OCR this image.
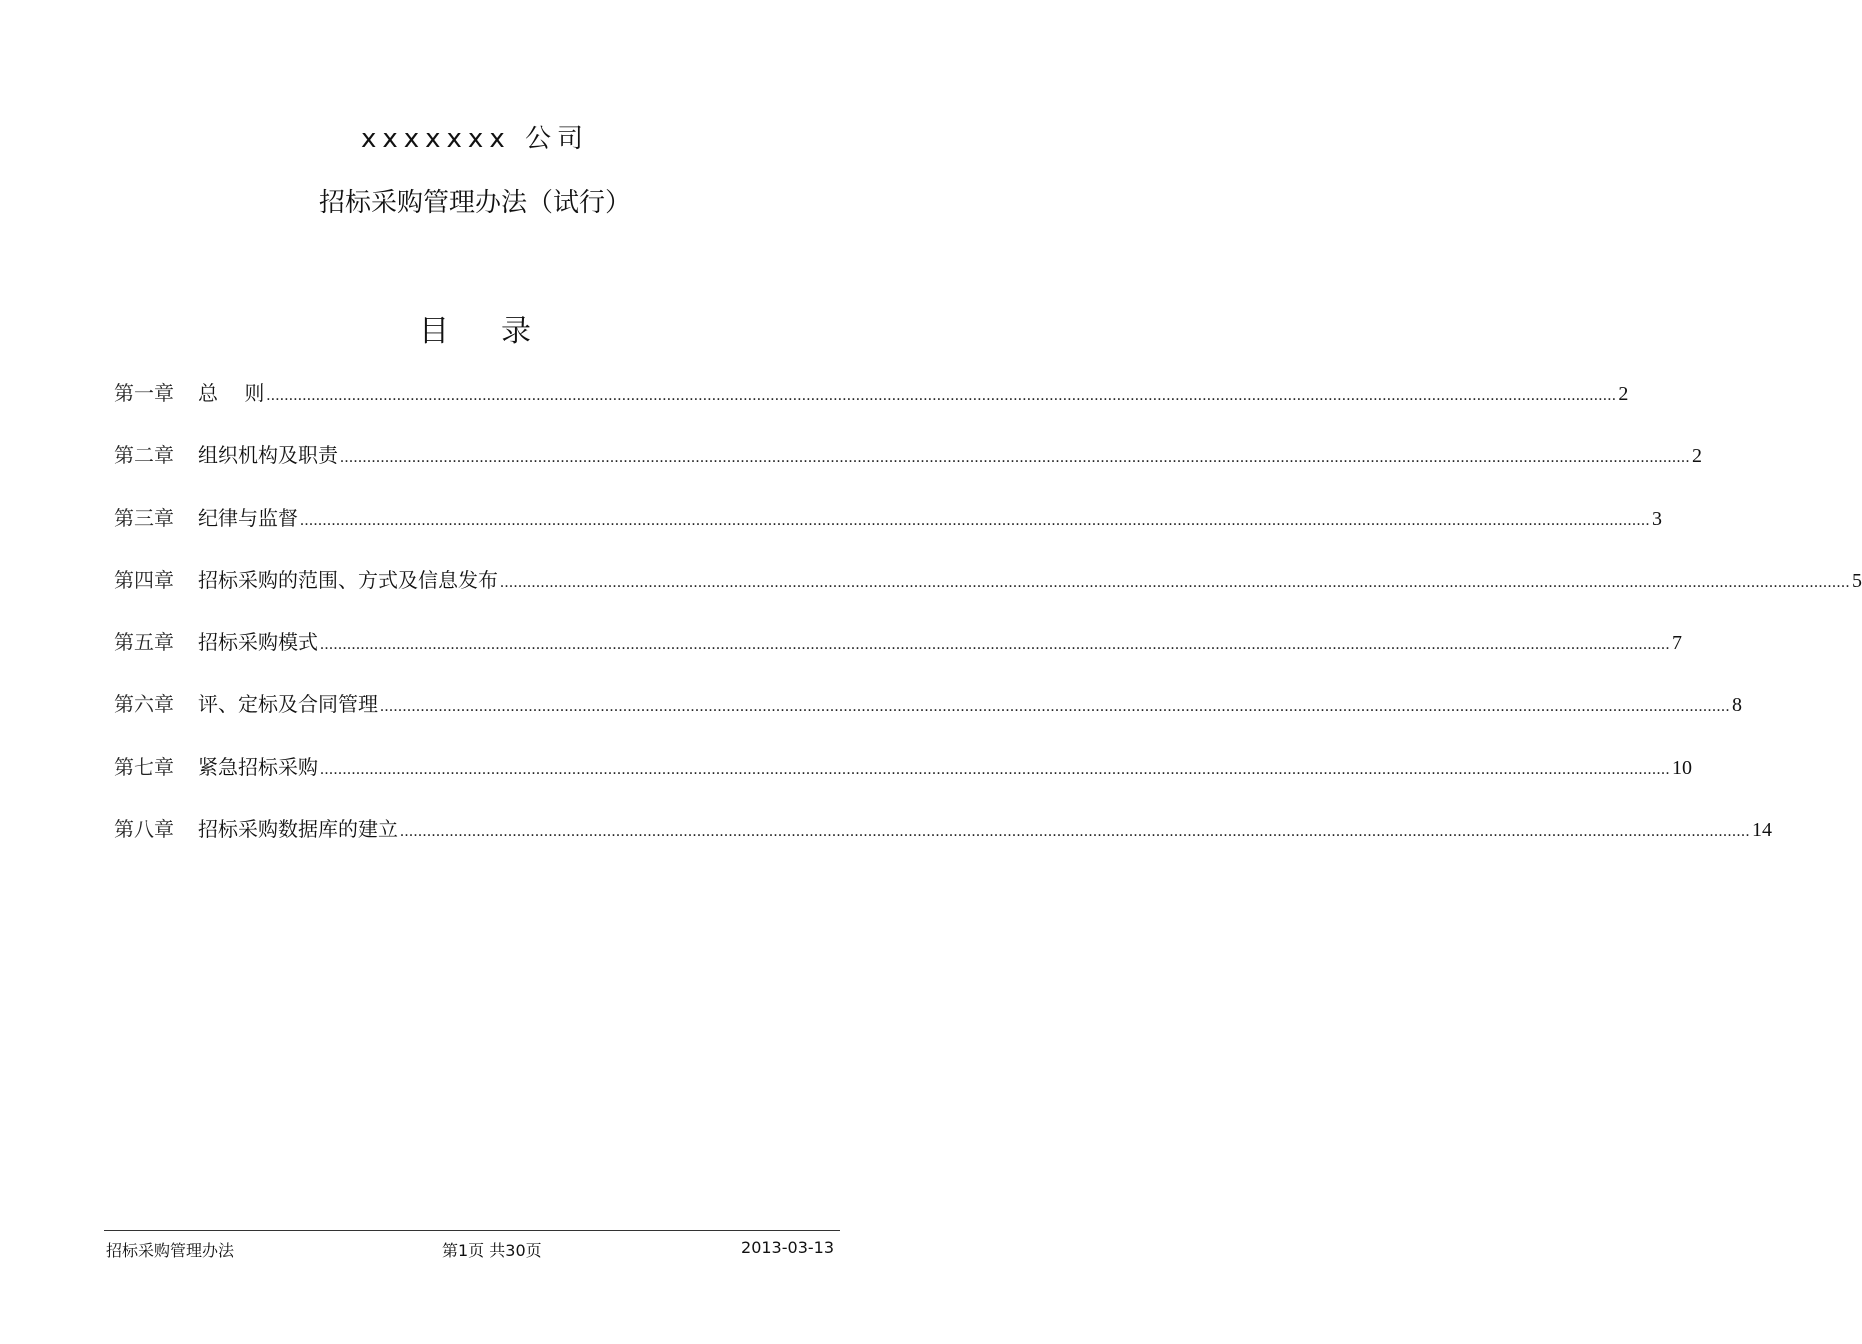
xxxxxxx 公司
招标采购管理办法（试行）
目 录
第一章	总　 则 ............................................................................................................................................................................................................................................................................................................ 2
第二章	组织机构及职责 ............................................................................................................................................................................................................................................................................................................ 2
第三章	纪律与监督 ............................................................................................................................................................................................................................................................................................................ 3
第四章	招标采购的范围、方式及信息发布 ............................................................................................................................................................................................................................................................................................................ 5
第五章	招标采购模式 ............................................................................................................................................................................................................................................................................................................ 7
第六章	评、定标及合同管理 ............................................................................................................................................................................................................................................................................................................ 8
第七章	紧急招标采购 ............................................................................................................................................................................................................................................................................................................ 10
第八章	招标采购数据库的建立 ............................................................................................................................................................................................................................................................................................................ 14
招标采购管理办法	第1页 共30页	2013-03-13
